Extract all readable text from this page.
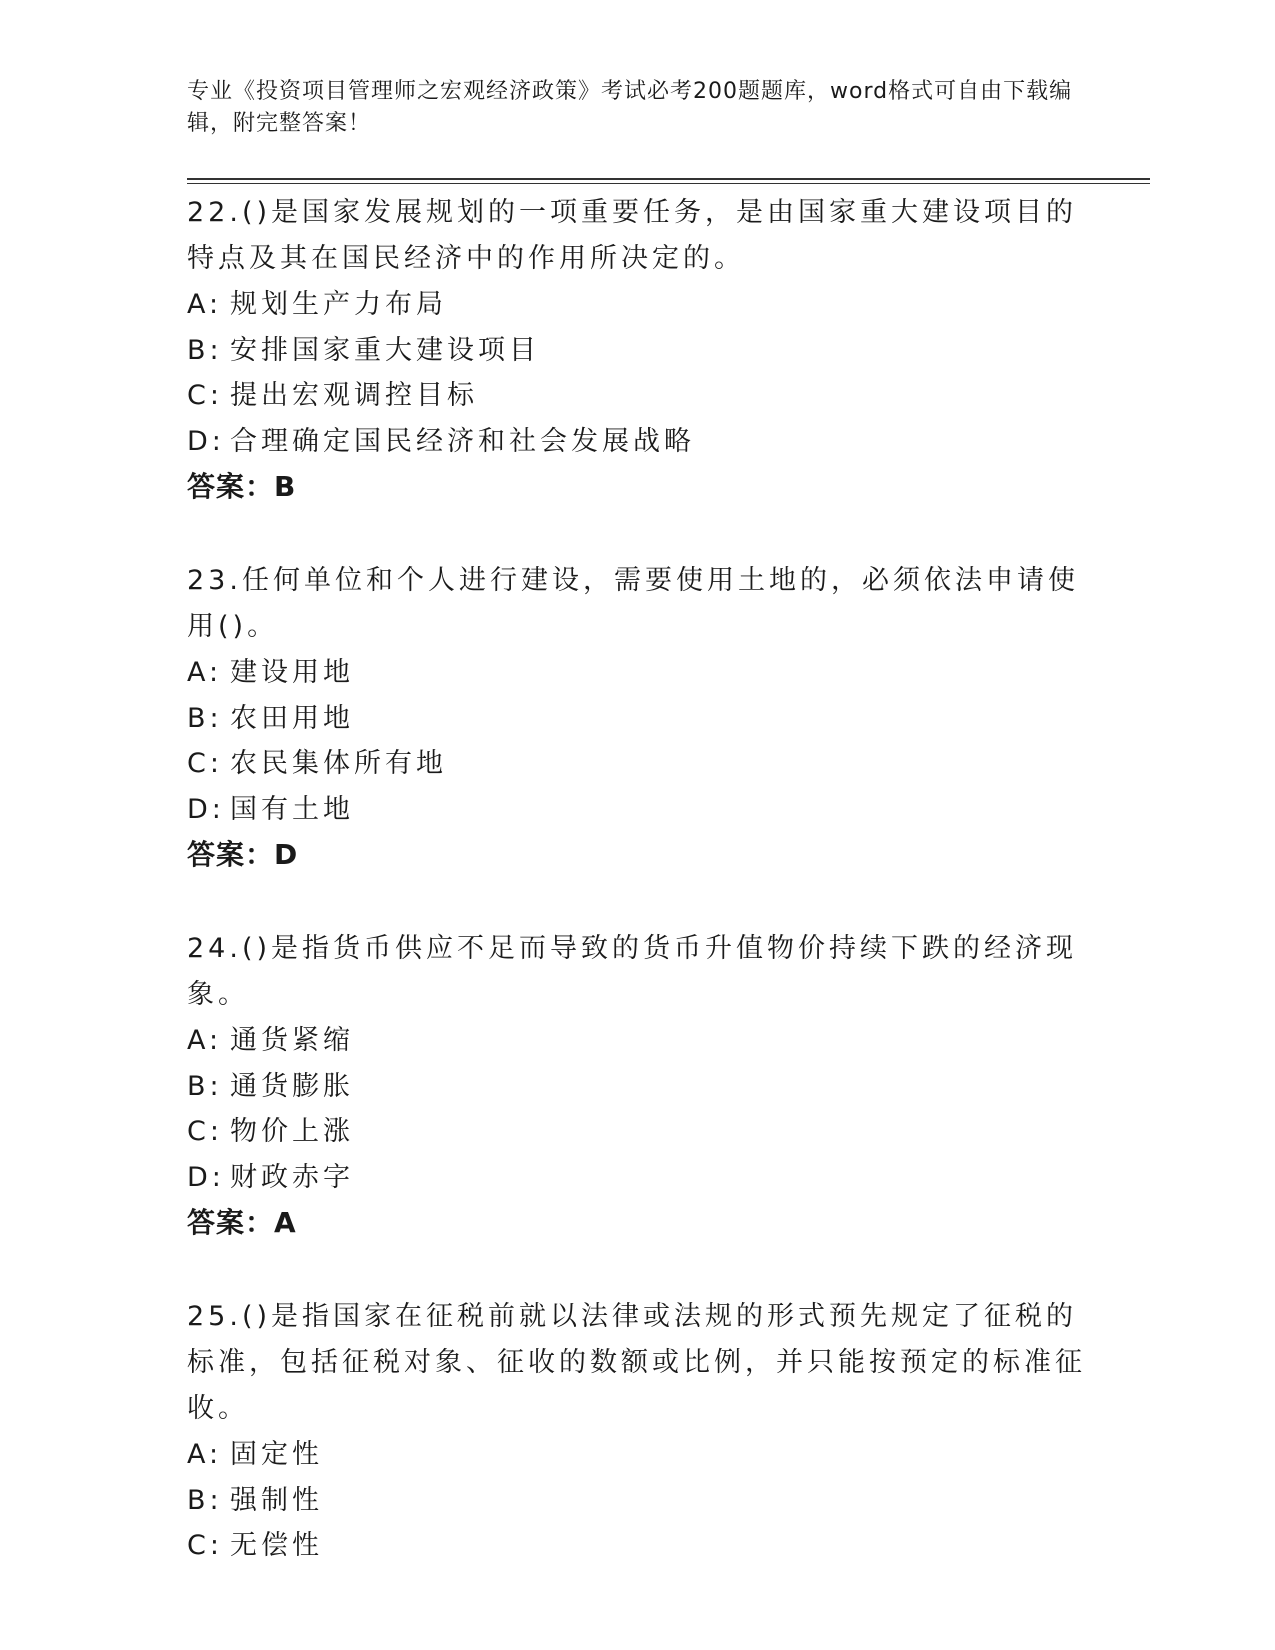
专业《投资项目管理师之宏观经济政策》考试必考200题题库，word格式可自由下载编辑，附完整答案！

22.()是国家发展规划的一项重要任务，是由国家重大建设项目的特点及其在国民经济中的作用所决定的。

A: 规划生产力布局
B: 安排国家重大建设项目
C: 提出宏观调控目标
D: 合理确定国民经济和社会发展战略
答案：B

23.任何单位和个人进行建设，需要使用土地的，必须依法申请使用()。

A: 建设用地
B: 农田用地
C: 农民集体所有地
D: 国有土地
答案：D

24.()是指货币供应不足而导致的货币升值物价持续下跌的经济现象。

A: 通货紧缩
B: 通货膨胀
C: 物价上涨
D: 财政赤字
答案：A

25.()是指国家在征税前就以法律或法规的形式预先规定了征税的标准，包括征税对象、征收的数额或比例，并只能按预定的标准征收。

A: 固定性
B: 强制性
C: 无偿性
